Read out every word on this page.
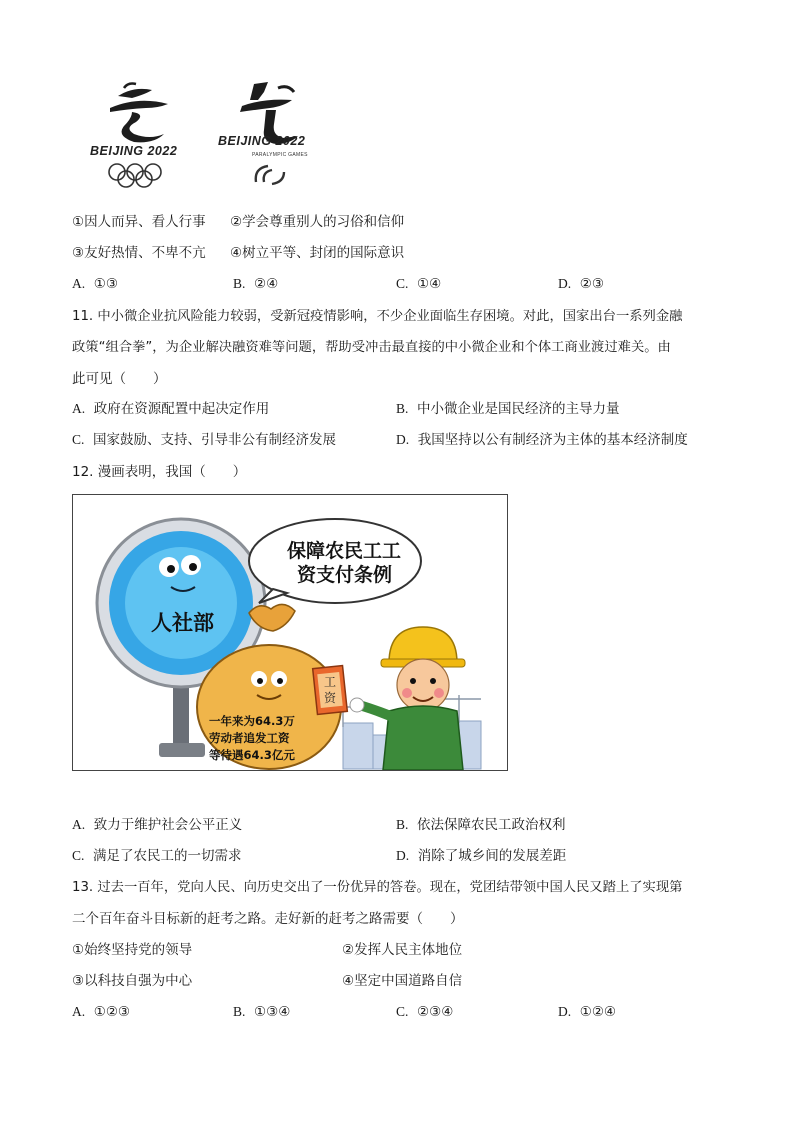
BEIJING 2022
BEIJING 2022
PARALYMPIC GAMES
①因人而异、看人行事 ②学会尊重别人的习俗和信仰
③友好热情、不卑不亢 ④树立平等、封闭的国际意识
A. ①③	B. ②④	C. ①④	D. ②③
11. 中小微企业抗风险能力较弱，受新冠疫情影响，不少企业面临生存困境。对此，国家出台一系列金融
政策“组合拳”，为企业解决融资难等问题，帮助受冲击最直接的中小微企业和个体工商业渡过难关。由
此可见（　　）
A. 政府在资源配置中起决定作用	B. 中小微企业是国民经济的主导力量
C. 国家鼓励、支持、引导非公有制经济发展	D. 我国坚持以公有制经济为主体的基本经济制度
12. 漫画表明，我国（　　）
人社部
保障农民工工
资支付条例
一年来为64.3万
劳动者追发工资
等待遇64.3亿元
工
资
A. 致力于维护社会公平正义	B. 依法保障农民工政治权利
C. 满足了农民工的一切需求	D. 消除了城乡间的发展差距
13. 过去一百年，党向人民、向历史交出了一份优异的答卷。现在，党团结带领中国人民又踏上了实现第
二个百年奋斗目标新的赶考之路。走好新的赶考之路需要（　　）
①始终坚持党的领导	②发挥人民主体地位
③以科技自强为中心	④坚定中国道路自信
A. ①②③	B. ①③④	C. ②③④	D. ①②④
